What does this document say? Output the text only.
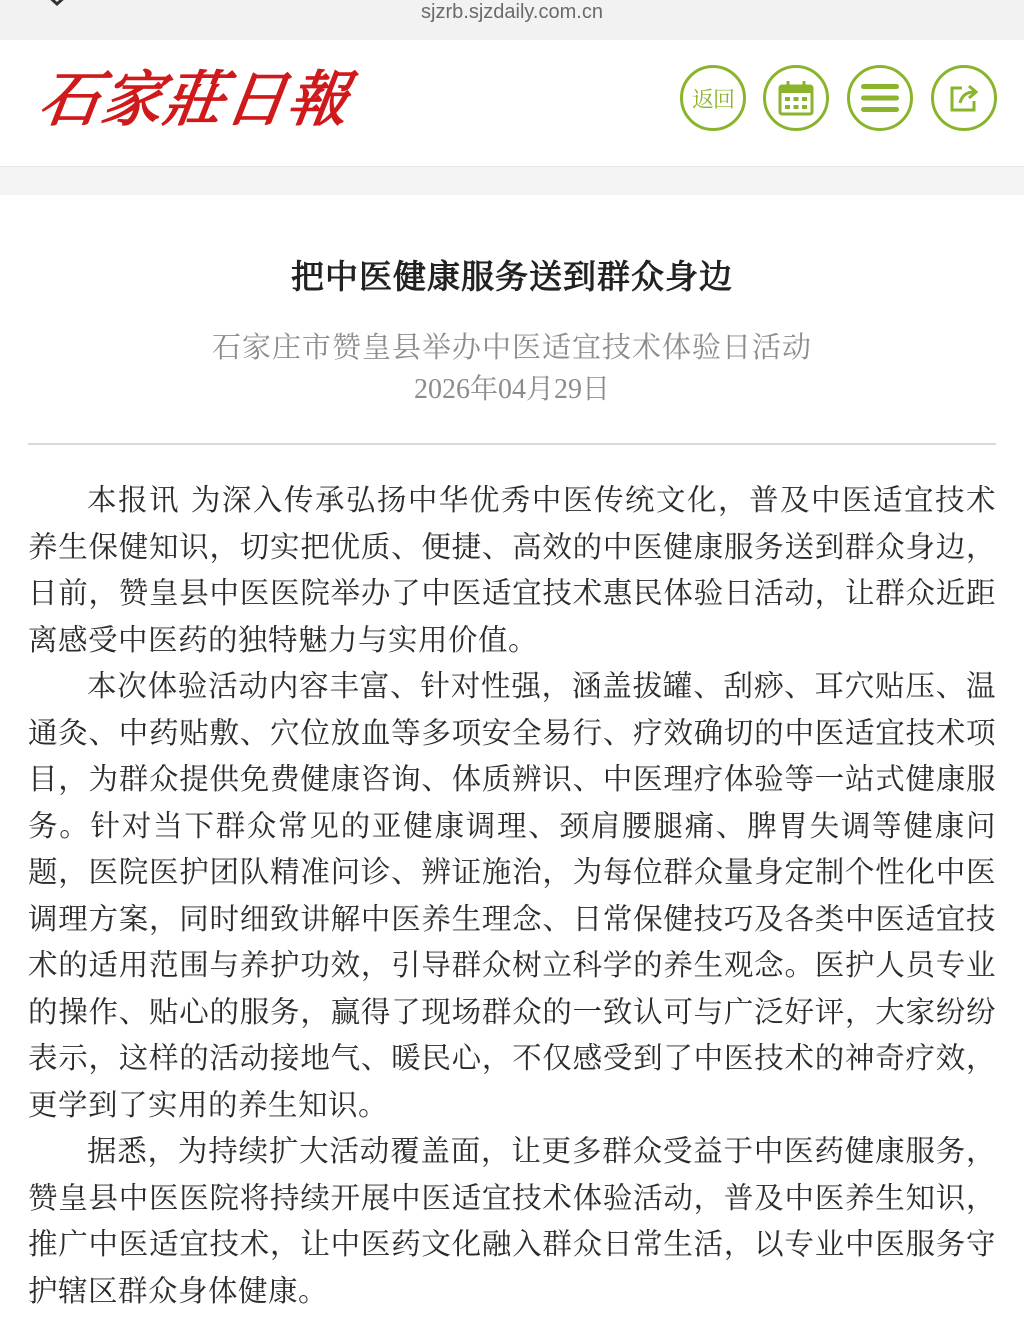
sjzrb.sjzdaily.com.cn
石家莊日報	返回
把中医健康服务送到群众身边
石家庄市赞皇县举办中医适宜技术体验日活动
2026年04月29日

本报讯 为深入传承弘扬中华优秀中医传统文化，普及中医适宜技术养生保健知识，切实把优质、便捷、高效的中医健康服务送到群众身边，日前，赞皇县中医医院举办了中医适宜技术惠民体验日活动，让群众近距离感受中医药的独特魅力与实用价值。

本次体验活动内容丰富、针对性强，涵盖拔罐、刮痧、耳穴贴压、温通灸、中药贴敷、穴位放血等多项安全易行、疗效确切的中医适宜技术项目，为群众提供免费健康咨询、体质辨识、中医理疗体验等一站式健康服务。针对当下群众常见的亚健康调理、颈肩腰腿痛、脾胃失调等健康问题，医院医护团队精准问诊、辨证施治，为每位群众量身定制个性化中医调理方案，同时细致讲解中医养生理念、日常保健技巧及各类中医适宜技术的适用范围与养护功效，引导群众树立科学的养生观念。医护人员专业的操作、贴心的服务，赢得了现场群众的一致认可与广泛好评，大家纷纷表示，这样的活动接地气、暖民心，不仅感受到了中医技术的神奇疗效，更学到了实用的养生知识。

据悉，为持续扩大活动覆盖面，让更多群众受益于中医药健康服务，赞皇县中医医院将持续开展中医适宜技术体验活动，普及中医养生知识，推广中医适宜技术，让中医药文化融入群众日常生活，以专业中医服务守护辖区群众身体健康。
